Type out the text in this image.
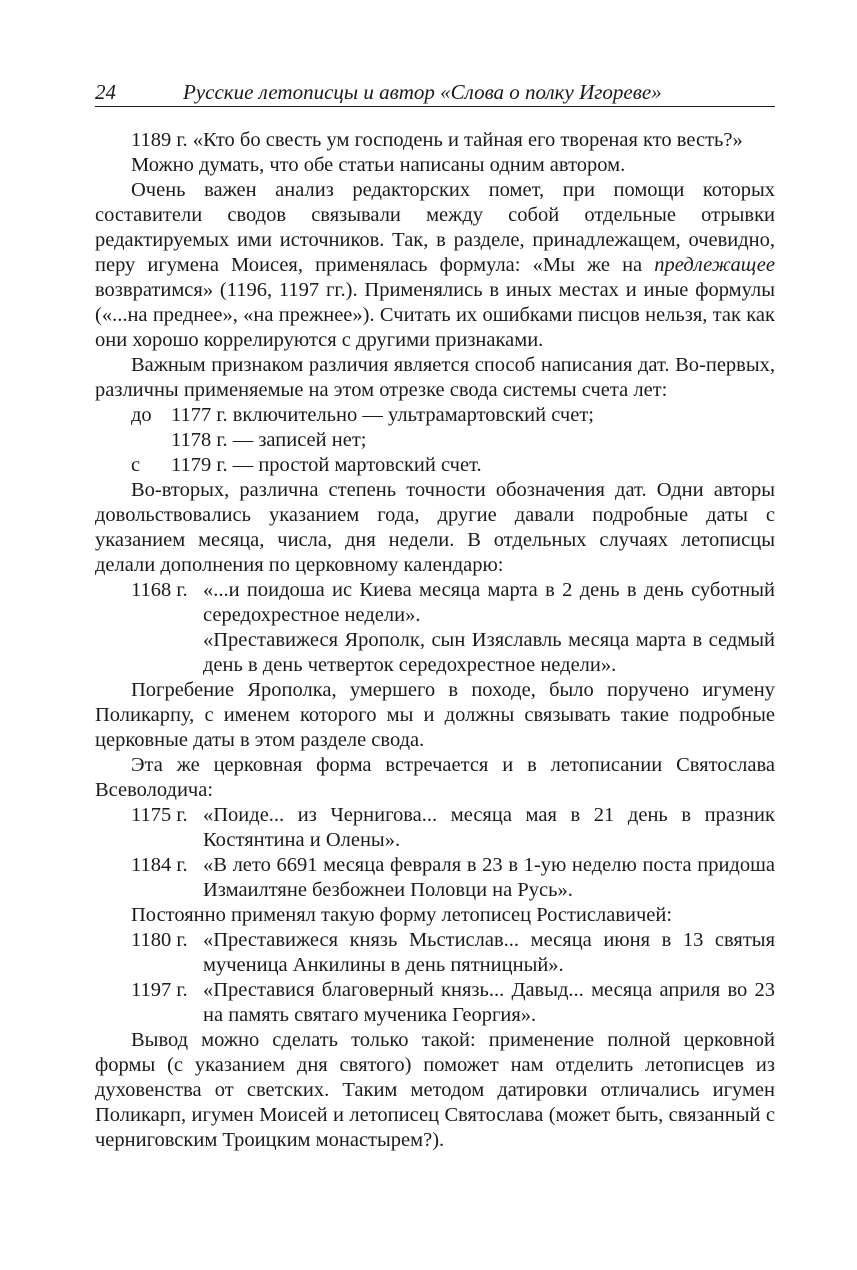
24	Русские летописцы и автор «Слова о полку Игореве»

1189 г. «Кто бо свесть ум господень и тайная его твореная кто весть?»

Можно думать, что обе статьи написаны одним автором.

Очень важен анализ редакторских помет, при помощи которых составители сводов связывали между собой отдельные отрывки редактируемых ими источников. Так, в разделе, принадлежащем, очевидно, перу игумена Моисея, применялась формула: «Мы же на предлежащее возвратимся» (1196, 1197 гг.). Применялись в иных местах и иные формулы («...на преднее», «на прежнее»). Считать их ошибками писцов нельзя, так как они хорошо коррелируются с другими признаками.

Важным признаком различия является способ написания дат. Во-первых, различны применяемые на этом отрезке свода системы счета лет:

до 1177 г. включительно — ультрамартовский счет;
1178 г. — записей нет;
с 1179 г. — простой мартовский счет.

Во-вторых, различна степень точности обозначения дат. Одни авторы довольствовались указанием года, другие давали подробные даты с указанием месяца, числа, дня недели. В отдельных случаях летописцы делали дополнения по церковному календарю:

1168 г. «...и поидоша ис Киева месяца марта в 2 день в день суботный середохрестное недели».

«Преставижеся Ярополк, сын Изяславль месяца марта в седмый день в день четверток середохрестное недели».

Погребение Ярополка, умершего в походе, было поручено игумену Поликарпу, с именем которого мы и должны связывать такие подробные церковные даты в этом разделе свода.

Эта же церковная форма встречается и в летописании Святослава Всеволодича:

1175 г. «Поиде... из Чернигова... месяца мая в 21 день в празник Костянтина и Олены».
1184 г. «В лето 6691 месяца февраля в 23 в 1-ую неделю поста придоша Измаилтяне безбожнеи Половци на Русь».

Постоянно применял такую форму летописец Ростиславичей:

1180 г. «Преставижеся князь Мьстислав... месяца июня в 13 святыя мученица Анкилины в день пятницный».
1197 г. «Преставися благоверный князь... Давыд... месяца априля во 23 на память святаго мученика Георгия».

Вывод можно сделать только такой: применение полной церковной формы (с указанием дня святого) поможет нам отделить летописцев из духовенства от светских. Таким методом датировки отличались игумен Поликарп, игумен Моисей и летописец Святослава (может быть, связанный с черниговским Троицким монастырем?).
